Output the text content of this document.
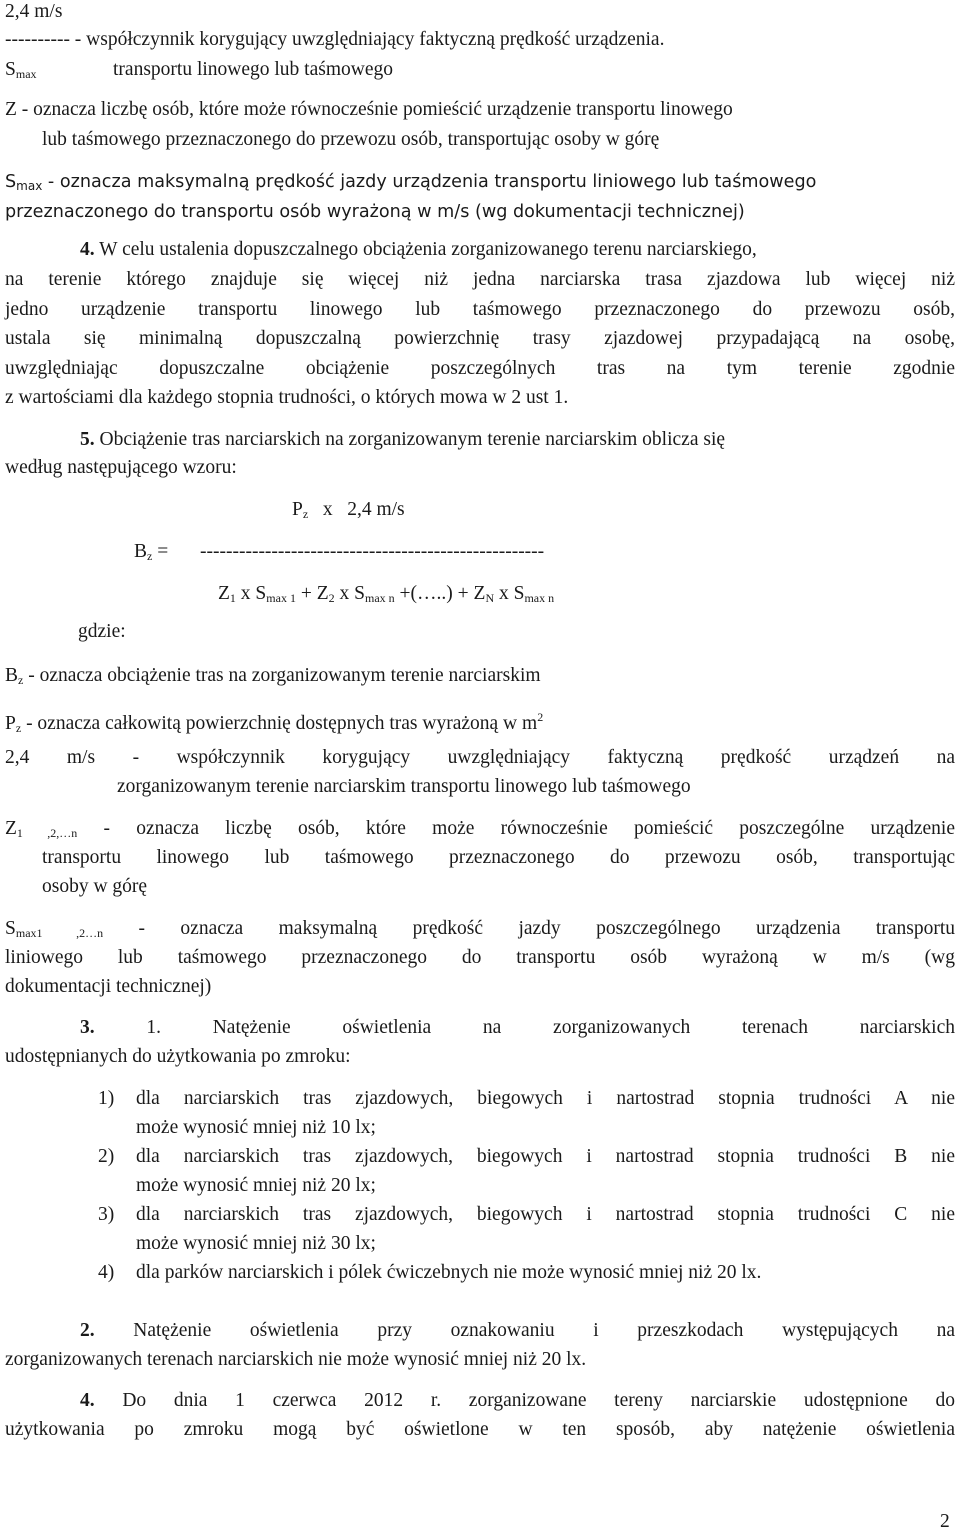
2,4 m/s
---------- - współczynnik korygujący uwzględniający faktyczną prędkość urządzenia.
$S_{max}$	transportu linowego lub taśmowego
Z - oznacza liczbę osób, które może równocześnie pomieścić urządzenie transportu linowego
lub taśmowego przeznaczonego do przewozu osób, transportując osoby w górę
$S_{max}$ - oznacza maksymalną prędkość jazdy urządzenia transportu liniowego lub taśmowego
przeznaczonego do transportu osób wyrażoną w m/s (wg dokumentacji technicznej)
4. W celu ustalenia dopuszczalnego obciążenia zorganizowanego terenu narciarskiego,
na terenie którego znajduje się więcej niż jedna narciarska trasa zjazdowa lub więcej niż
jedno urządzenie transportu linowego lub taśmowego przeznaczonego do przewozu osób,
ustala się minimalną dopuszczalną powierzchnię trasy zjazdowej przypadającą na osobę,
uwzględniając dopuszczalne obciążenie poszczególnych tras na tym terenie zgodnie
z wartościami dla każdego stopnia trudności, o których mowa w 2 ust 1.
5. Obciążenie tras narciarskich na zorganizowanym terenie narciarskim oblicza się
według następującego wzoru:
$P_z$   x   2,4 m/s
$B_z$ = -----------------------------------------------------
$Z_1$ x $S_{max 1} + Z_2$ x $S_{max n}$ +(…..) + $Z_N$ x $S_{max n}$
gdzie:
$B_z$ - oznacza obciążenie tras na zorganizowanym terenie narciarskim
$P_z$ - oznacza całkowitą powierzchnię dostępnych tras wyrażoną w $m^2$
2,4 m/s - współczynnik korygujący uwzględniający faktyczną prędkość urządzeń na
zorganizowanym terenie narciarskim transportu linowego lub taśmowego
$Z_{1 ,2,\dots n}$ - oznacza liczbę osób, które może równocześnie pomieścić poszczególne urządzenie
transportu linowego lub taśmowego przeznaczonego do przewozu osób, transportując
osoby w górę
$S_{max1 ,2\dots n}$ - oznacza maksymalną prędkość jazdy poszczególnego urządzenia transportu
liniowego lub taśmowego przeznaczonego do transportu osób wyrażoną w m/s (wg
dokumentacji technicznej)
3. 1. Natężenie oświetlenia na zorganizowanych terenach narciarskich
udostępnianych do użytkowania po zmroku:
1) dla narciarskich tras zjazdowych, biegowych i nartostrad stopnia trudności A nie
może wynosić mniej niż 10 lx;
2) dla narciarskich tras zjazdowych, biegowych i nartostrad stopnia trudności B nie
może wynosić mniej niż 20 lx;
3) dla narciarskich tras zjazdowych, biegowych i nartostrad stopnia trudności C nie
może wynosić mniej niż 30 lx;
4) dla parków narciarskich i pólek ćwiczebnych nie może wynosić mniej niż 20 lx.
2. Natężenie oświetlenia przy oznakowaniu i przeszkodach występujących na
zorganizowanych terenach narciarskich nie może wynosić mniej niż 20 lx.
4. Do dnia 1 czerwca 2012 r. zorganizowane tereny narciarskie udostępnione do
użytkowania po zmroku mogą być oświetlone w ten sposób, aby natężenie oświetlenia
2
